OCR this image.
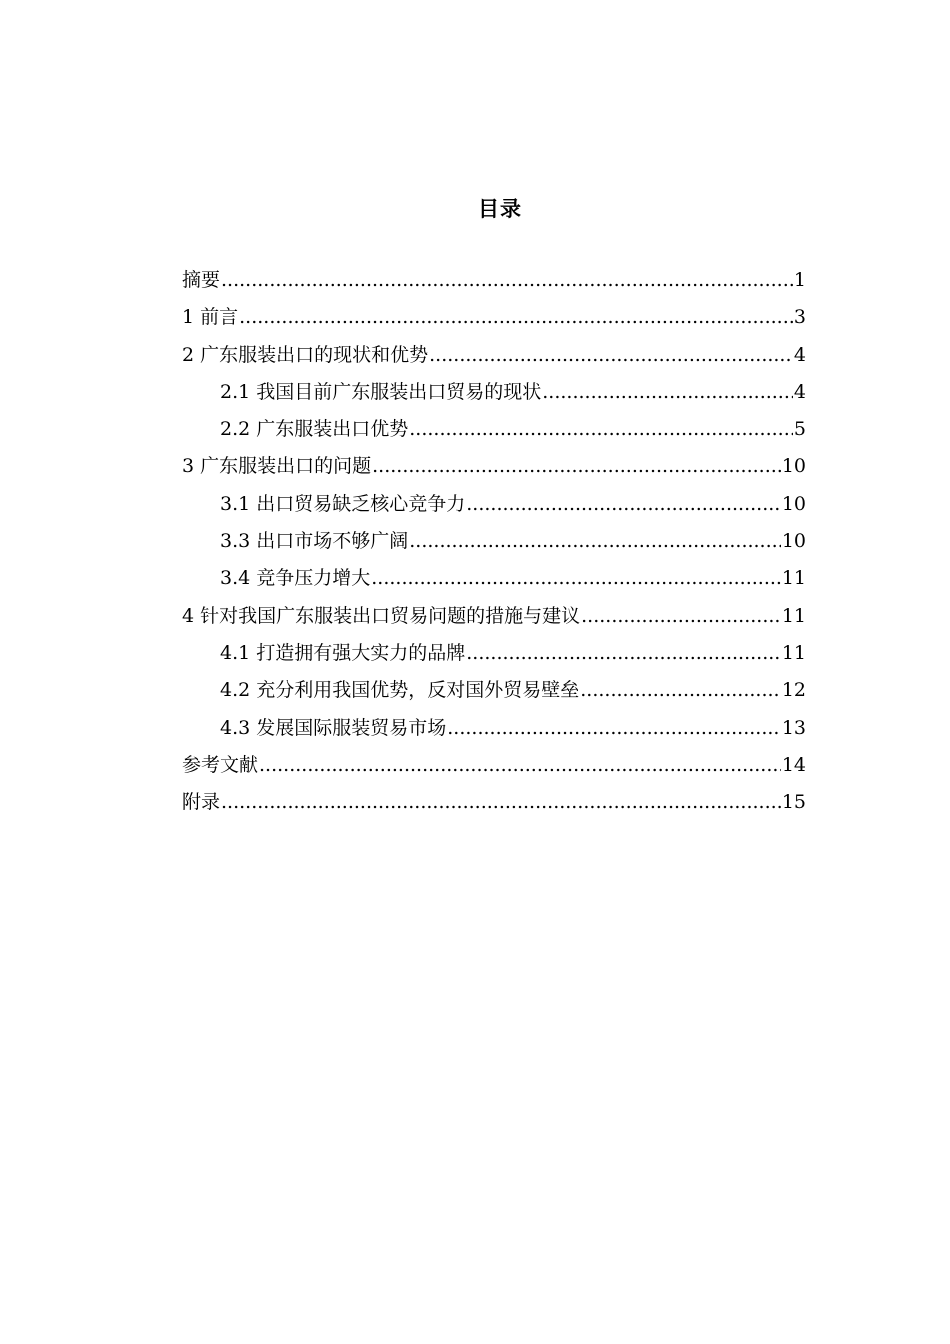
目录
摘要 .....	1
1 前言 .....	3
2 广东服装出口的现状和优势 .....	4
2.1 我国目前广东服装出口贸易的现状 .....	4
2.2 广东服装出口优势 .....	5
3 广东服装出口的问题 .....	10
3.1 出口贸易缺乏核心竞争力 .....	10
3.3 出口市场不够广阔 .....	10
3.4 竞争压力增大 .....	11
4 针对我国广东服装出口贸易问题的措施与建议 .....	11
4.1 打造拥有强大实力的品牌 .....	11
4.2 充分利用我国优势，反对国外贸易壁垒 .....	12
4.3 发展国际服装贸易市场 .....	13
参考文献 .....	14
附录 .....	15
